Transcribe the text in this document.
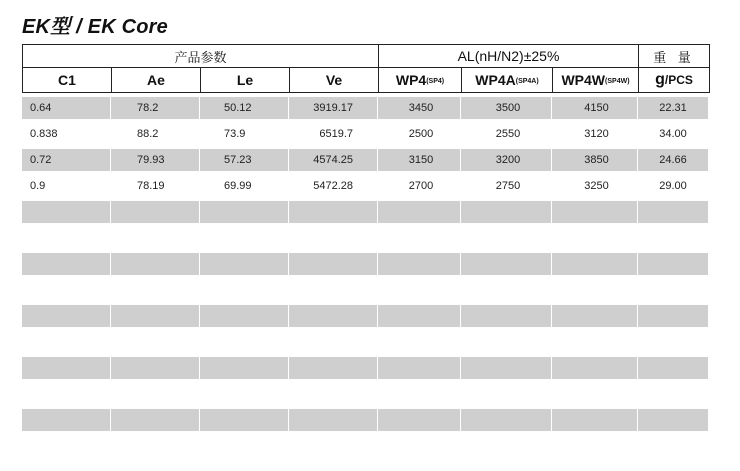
EK型 / EK Core
产品参数				AL(nH/N2)±25%			重 量
C1	Ae	Le	Ve	$WP4^{(SP4)}$	$WP4A^{(SP4A)}$	$WP4W^{(SP4W)}$	g/PCS
0.64	78.2	50.12	3919.17	3450	3500	4150	22.31
0.838	88.2	73.9	6519.7	2500	2550	3120	34.00
0.72	79.93	57.23	4574.25	3150	3200	3850	24.66
0.9	78.19	69.99	5472.28	2700	2750	3250	29.00
